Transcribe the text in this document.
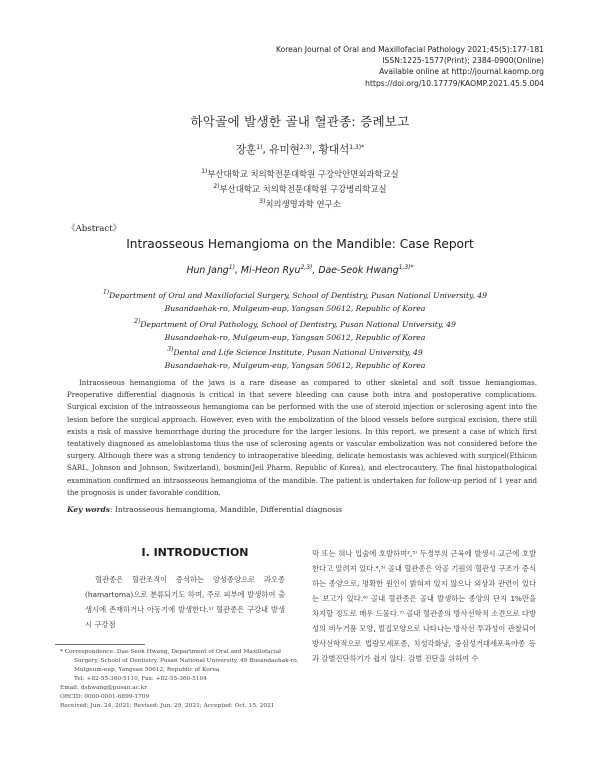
Korean Journal of Oral and Maxillofacial Pathology 2021;45(5):177-181
ISSN:1225-1577(Print); 2384-0900(Online)
Available online at http://journal.kaomp.org
https://doi.org/10.17779/KAOMP.2021.45.5.004
하악골에 발생한 골내 혈관종: 증례보고
장훈$^{1)}$, 유미현$^{2,3)}$, 황대석$^{1,3)*}$
$^{1)}$부산대학교 치의학전문대학원 구강악안면외과학교실
$^{2)}$부산대학교 치의학전문대학원 구강병리학교실
$^{3)}$치의생명과학 연구소
《Abstract》
Intraosseous Hemangioma on the Mandible: Case Report
Hun Jang$^{1)}$, Mi-Heon Ryu$^{2,3)}$, Dae-Seok Hwang$^{1,3)*}$
$^{1)}$Department of Oral and Maxillofacial Surgery, School of Dentistry, Pusan National University, 49
Busandaehak-ro, Mulgeum-eup, Yangsan 50612, Republic of Korea
$^{2)}$Department of Oral Pathology, School of Dentistry, Pusan National University, 49
Busandaehak-ro, Mulgeum-eup, Yangsan 50612, Republic of Korea
$^{3)}$Dental and Life Science Institute, Pusan National University, 49
Busandaehak-ro, Mulgeum-eup, Yangsan 50612, Republic of Korea

Intraosseous hemangioma of the jaws is a rare disease as compared to other skeletal and soft tissue hemangiomas. Preoperative differential diagnosis is critical in that severe bleeding can cause both intra and postoperative complications. Surgical excision of the intraosseous hemangioma can be performed with the use of steroid injection or sclerosing agent into the lesion before the surgical approach. However, even with the embolization of the blood vessels before surgical excision, there still exists a risk of massive hemorrhage during the procedure for the larger lesions. In this report, we present a case of which first tentatively diagnosed as ameloblastoma thus the use of sclerosing agents or vascular embolization was not considered before the surgery. Although there was a strong tendency to intraoperative bleeding, delicate hemostasis was achieved with surgicel(Ethicon SARL, Johnson and Johnson, Switzerland), bosmin(Jeil Pharm, Republic of Korea), and electrocautery. The final histopathological examination confirmed an intraosseous hemangioma of the mandible. The patient is undertaken for follow-up period of 1 year and the prognosis is under favorable condition.

Key words: Intraosseous hemangioma, Mandible, Differential diagnosis
Ⅰ. INTRODUCTION

혈관종은 혈관조직이 증식하는 양성종양으로 과오종(hamartoma)으로 분류되기도 하며, 주로 피부에 발생하여 출생시에 존재하거나 아동기에 발생한다.¹⁾ 혈관종은 구강내 발생시 구강점

막 또는 혀나 입술에 호발하며²,³⁾ 두경부의 근육에 발생시 교근에 호발한다고 알려져 있다.⁴,⁵⁾ 골내 혈관종은 악골 기원의 혈관성 구조가 증식하는 종양으로, 명확한 원인이 밝혀져 있지 않으나 외상과 관련이 있다는 보고가 있다.⁶⁾ 골내 혈관종은 골내 발생하는 종양의 단지 1%만을 차지할 정도로 매우 드물다.⁷⁾ 골내 혈관종의 방사선학적 소견으로 다방성의 비누거품 모양, 벌집모양으로 나타나는 방사선 투과성이 관찰되어 방사선학적으로 법랑모세포종, 치성각화낭, 중심성거대세포육아종 등과 감별진단하기가 쉽지 않다. 감별 진단을 위하여 수

* Correspondence: Dae-Seok Hwang, Department of Oral and Maxillofacial
Surgery, School of Dentistry, Pusan National University, 49 Busandaehak-ro,
Mulgeum-eup, Yangsan 50612, Republic of Korea
Tel: +82-55-360-5110, Fax: +82-55-360-5104
Email: dshwang@pusan.ac.kr
ORCID: 0000-0001-6899-1709
Received: Jun. 24, 2021; Revised: Jun. 29, 2021; Accepted: Oct. 15, 2021
